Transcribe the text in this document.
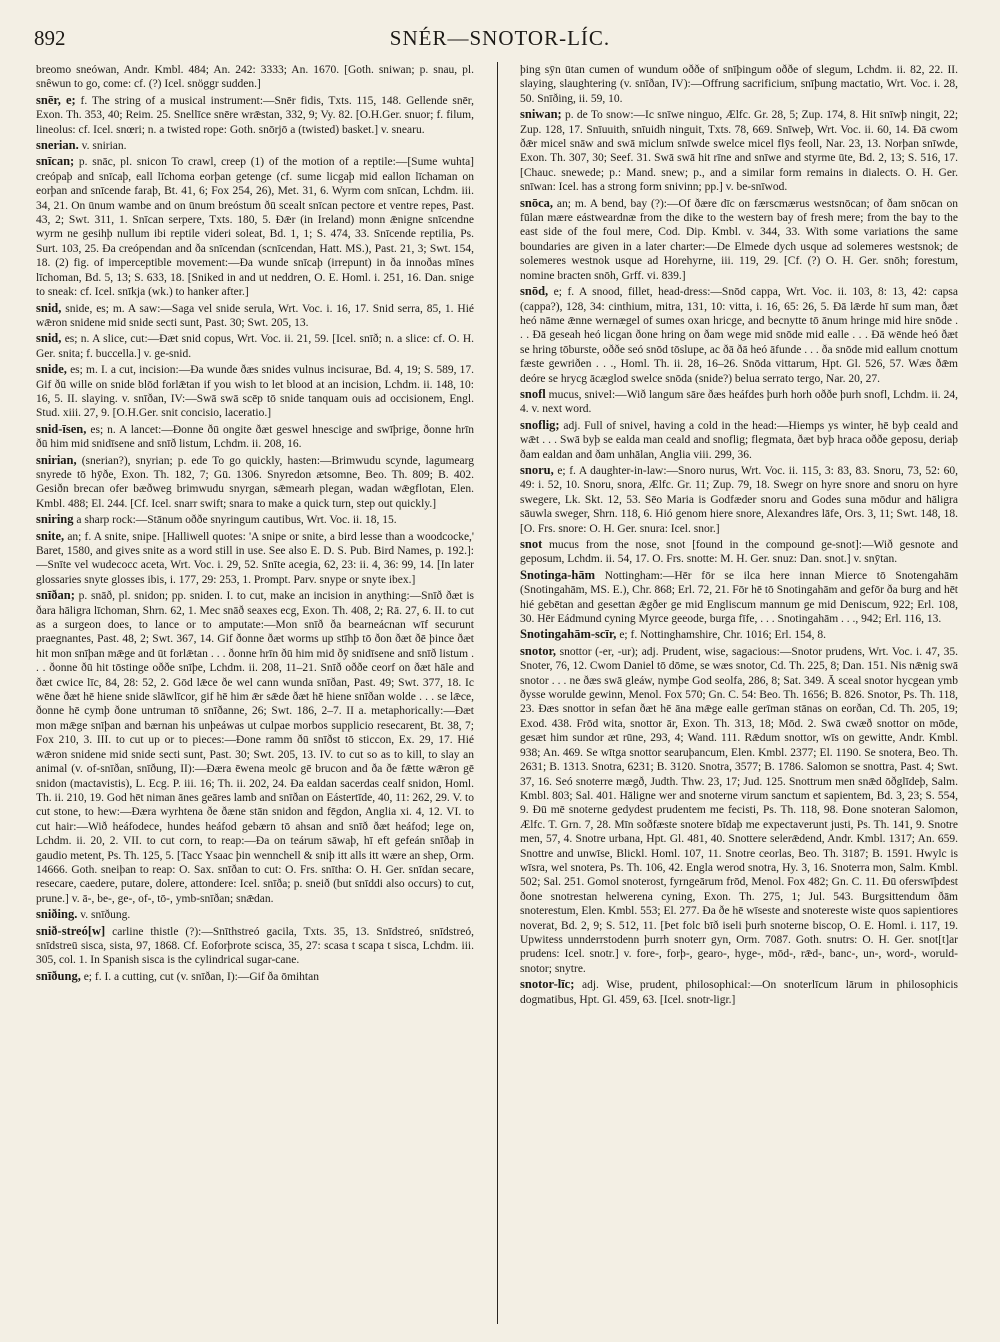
892	SNÉR—SNOTOR-LÍC.
breomo sneówan, Andr. Kmbl. 484; An. 242: 3333; An. 1670. [Goth. sniwan; p. snau, pl. snêwun to go, come: cf. (?) Icel. snöggr sudden.]
snēr, e; f. The string of a musical instrument:—Snēr fidis, Txts. 115, 148. Gellende snēr, Exon. Th. 353, 40; Reim. 25. Snellīce snēre wrǣstan, 332, 9; Vy. 82. [O.H.Ger. snuor; f. filum, lineolus: cf. Icel. snœri; n. a twisted rope: Goth. snōrjō a (twisted) basket.] v. snearu.
snerian. v. snirian.
snīcan; p. snāc, pl. snicon To crawl, creep (1) of the motion of a reptile:—[Sume wuhta] creópaþ and snīcaþ, eall līchoma eorþan getenge (cf. sume licgaþ mid eallon līchaman on eorþan and snīcende faraþ, Bt. 41, 6; Fox 254, 26), Met. 31, 6. Wyrm com snīcan, Lchdm. iii. 34, 21. On ūnum wambe and on ūnum breóstum ðū scealt snīcan pectore et ventre repes, Past. 43, 2; Swt. 311, 1. Snīcan serpere, Txts. 180, 5. Ðǣr (in Ireland) monn ǣnigne snīcendne wyrm ne gesihþ nullum ibi reptile videri soleat, Bd. 1, 1; S. 474, 33. Snīcende reptilia, Ps. Surt. 103, 25. Ða creópendan and ða snīcendan (scnīcendan, Hatt. MS.), Past. 21, 3; Swt. 154, 18. (2) fig. of imperceptible movement:—Ða wunde snīcaþ (irrepunt) in ða innoðas mīnes līchoman, Bd. 5, 13; S. 633, 18. [Sniked in and ut neddren, O. E. Homl. i. 251, 16. Dan. snige to sneak: cf. Icel. snīkja (wk.) to hanker after.]
snid, snide, es; m. A saw:—Saga vel snide serula, Wrt. Voc. i. 16, 17. Snid serra, 85, 1. Hié wǣron snidene mid snide secti sunt, Past. 30; Swt. 205, 13.
snid, es; n. A slice, cut:—Ðæt snid copus, Wrt. Voc. ii. 21, 59. [Icel. snīð; n. a slice: cf. O. H. Ger. snita; f. buccella.] v. ge-snid.
snide, es; m. I. a cut, incision:—Ða wunde ðæs snides vulnus incisurae, Bd. 4, 19; S. 589, 17. Gif ðū wille on snide blōd forlǣtan if you wish to let blood at an incision, Lchdm. ii. 148, 10: 16, 5. II. slaying. v. snīðan, IV:—Swā swā scēp tō snide tanquam ouis ad occisionem, Engl. Stud. xiii. 27, 9. [O.H.Ger. snit concisio, laceratio.]
snid-īsen, es; n. A lancet:—Ðonne ðū ongite ðæt geswel hnescige and swīþrige, ðonne hrīn ðū him mid snidīsene and snīð listum, Lchdm. ii. 208, 16.
snirian, (snerian?), snyrian; p. ede To go quickly, hasten:—Brimwudu scynde, lagumearg snyrede tō hȳðe, Exon. Th. 182, 7; Gū. 1306. Snyredon ætsomne, Beo. Th. 809; B. 402. Gesiðn brecan ofer bæðweg brimwudu snyrgan, sǣmearh plegan, wadan wǣgflotan, Elen. Kmbl. 488; El. 244. [Cf. Icel. snarr swift; snara to make a quick turn, step out quickly.]
sniring a sharp rock:—Stānum oððe snyringum cautibus, Wrt. Voc. ii. 18, 15.
snite, an; f. A snite, snipe. [Halliwell quotes: 'A snipe or snite, a bird lesse than a woodcocke,' Baret, 1580, and gives snite as a word still in use. See also E. D. S. Pub. Bird Names, p. 192.]:—Snīte vel wudecocc aceta, Wrt. Voc. i. 29, 52. Snīte acegia, 62, 23: ii. 4, 36: 99, 14. [In later glossaries snyte glosses ibis, i. 177, 29: 253, 1. Prompt. Parv. snype or snyte ibex.]
snīðan; p. snāð, pl. snidon; pp. sniden. I. to cut, make an incision in anything:—Snīð ðæt is ðara hāligra līchoman, Shrn. 62, 1. Mec snāð seaxes ecg, Exon. Th. 408, 2; Rā. 27, 6. II. to cut as a surgeon does, to lance or to amputate:—Mon snīð ða bearneácnan wīf securunt praegnantes, Past. 48, 2; Swt. 367, 14. Gif ðonne ðæt worms up stīhþ tō ðon ðæt ðē þince ðæt hit mon snīþan mǣge and ūt forlǣtan . . . ðonne hrīn ðū him mid ðȳ snidīsene and snīð listum . . . ðonne ðū hit tōstinge oððe snīþe, Lchdm. ii. 208, 11–21. Snīð oððe ceorf on ðæt hāle and ðæt cwice līc, 84, 28: 52, 2. Gōd lǣce ðe wel cann wunda snīðan, Past. 49; Swt. 377, 18. Ic wēne ðæt hē hiene snide slāwlīcor, gif hē him ǣr sǣde ðæt hē hiene snīðan wolde . . . se lǣce, ðonne hē cymþ ðone untruman tō snīðanne, 26; Swt. 186, 2–7. II a. metaphorically:—Ðæt mon mǣge snīþan and bærnan his unþeáwas ut culpae morbos supplicio resecarent, Bt. 38, 7; Fox 210, 3. III. to cut up or to pieces:—Ðone ramm ðū snīðst tō sticcon, Ex. 29, 17. Hié wǣron snidene mid snide secti sunt, Past. 30; Swt. 205, 13. IV. to cut so as to kill, to slay an animal (v. of-snīðan, snīðung, II):—Ðæra ēwena meolc gē brucon and ða ðe fǣtte wǣron gē snidon (mactavistis), L. Ecg. P. iii. 16; Th. ii. 202, 24. Ða ealdan sacerdas cealf snidon, Homl. Th. ii. 210, 19. God hēt niman ānes geāres lamb and snīðan on Eástertīde, 40, 11: 262, 29. V. to cut stone, to hew:—Ðæra wyrhtena ðe ðæne stān snidon and fēgdon, Anglia xi. 4, 12. VI. to cut hair:—Wið heáfodece, hundes heáfod gebærn tō ahsan and snīð ðæt heáfod; lege on, Lchdm. ii. 20, 2. VII. to cut corn, to reap:—Ða on teárum sāwaþ, hī eft gefeán snīðaþ in gaudio metent, Ps. Th. 125, 5. [Tacc Ysaac þin wennchell & sniþ itt alls itt wære an shep, Orm. 14666. Goth. sneiþan to reap: O. Sax. snīðan to cut: O. Frs. snītha: O. H. Ger. snīdan secare, resecare, caedere, putare, dolere, attondere: Icel. snīða; p. sneið (but snīddi also occurs) to cut, prune.] v. ā-, be-, ge-, of-, tō-, ymb-snīðan; snǣdan.
sniðing. v. snīðung.
snið-streó[w] carline thistle (?):—Snīthstreó gacila, Txts. 35, 13. Snīdstreó, snīdstreó, snīdstreū sisca, sista, 97, 1868. Cf. Eoforþrote scisca, 35, 27: scasa t scapa t sisca, Lchdm. iii. 305, col. 1. In Spanish sisca is the cylindrical sugar-cane.
snīðung, e; f. I. a cutting, cut (v. snīðan, I):—Gif ða ōmihtan
þing sȳn ūtan cumen of wundum oððe of snīþingum oððe of slegum, Lchdm. ii. 82, 22. II. slaying, slaughtering (v. snīðan, IV):—Offrung sacrificium, snīþung mactatio, Wrt. Voc. i. 28, 50. Snīðing, ii. 59, 10.
sniwan; p. de To snow:—Ic snīwe ninguo, Ælfc. Gr. 28, 5; Zup. 174, 8. Hit snīwþ ningit, 22; Zup. 128, 17. Snīuuith, snīuidh ninguit, Txts. 78, 669. Snīweþ, Wrt. Voc. ii. 60, 14. Ðā cwom ðǣr micel snāw and swā miclum snīwde swelce micel flȳs feoll, Nar. 23, 13. Norþan snīwde, Exon. Th. 307, 30; Seef. 31. Swā swā hit rīne and snīwe and styrme ūte, Bd. 2, 13; S. 516, 17. [Chauc. snewede; p.: Mand. snew; p., and a similar form remains in dialects. O. H. Ger. snīwan: Icel. has a strong form snivinn; pp.] v. be-snīwod.
snōca, an; m. A bend, bay (?):—Of ðære dīc on færscmærus westsnōcan; of ðam snōcan on fūlan mære eástweardnæ from the dike to the western bay of fresh mere; from the bay to the east side of the foul mere, Cod. Dip. Kmbl. v. 344, 33. With some variations the same boundaries are given in a later charter:—De Elmede dych usque ad solemeres westsnok; de solemeres westnok usque ad Horehyrne, iii. 119, 29. [Cf. (?) O. H. Ger. snōh; forestum, nomine bracten snōh, Grff. vi. 839.]
snōd, e; f. A snood, fillet, head-dress:—Snōd cappa, Wrt. Voc. ii. 103, 8: 13, 42: capsa (cappa?), 128, 34: cinthium, mitra, 131, 10: vitta, i. 16, 65: 26, 5. Ðā lǣrde hī sum man, ðæt heó nāme ǣnne wernægel of sumes oxan hricge, and becnytte tō ānum hringe mid hire snōde . . . Ðā geseah heó licgan ðone hring on ðam wege mid snōde mid ealle . . . Ðā wēnde heó ðæt se hring tōburste, oððe seó snōd tōslupe, ac ðā ðā heó āfunde . . . ða snōde mid eallum cnottum fæste gewriðen . . ., Homl. Th. ii. 28, 16–26. Snōda vittarum, Hpt. Gl. 526, 57. Wæs ðǣm deóre se hrycg ācæglod swelce snōda (snide?) belua serrato tergo, Nar. 20, 27.
snofl mucus, snivel:—Wið langum sāre ðæs heáfdes þurh horh oððe þurh snofl, Lchdm. ii. 24, 4. v. next word.
snoflig; adj. Full of snivel, having a cold in the head:—Hiemps ys winter, hē byþ ceald and wǣt . . . Swā byþ se ealda man ceald and snoflig; flegmata, ðæt byþ hraca oððe geposu, deriaþ ðam ealdan and ðam unhālan, Anglia viii. 299, 36.
snoru, e; f. A daughter-in-law:—Snoro nurus, Wrt. Voc. ii. 115, 3: 83, 83. Snoru, 73, 52: 60, 49: i. 52, 10. Snoru, snora, Ælfc. Gr. 11; Zup. 79, 18. Swegr on hyre snore and snoru on hyre swegere, Lk. Skt. 12, 53. Sēo Maria is Godfæder snoru and Godes suna mōdur and hāligra sāuwla sweger, Shrn. 118, 6. Hió genom hiere snore, Alexandres lāfe, Ors. 3, 11; Swt. 148, 18. [O. Frs. snore: O. H. Ger. snura: Icel. snor.]
snot mucus from the nose, snot [found in the compound ge-snot]:—Wið gesnote and geposum, Lchdm. ii. 54, 17. O. Frs. snotte: M. H. Ger. snuz: Dan. snot.] v. snȳtan.
Snotinga-hām Nottingham:—Hēr fōr se ilca here innan Mierce tō Snotengahām (Snotingahām, MS. E.), Chr. 868; Erl. 72, 21. Fōr hē tō Snotingahām and gefōr ða burg and hēt hié gebētan and gesettan ǣgðer ge mid Engliscum mannum ge mid Deniscum, 922; Erl. 108, 30. Hēr Eádmund cyning Myrce geeode, burga fīfe, . . . Snotingahām . . ., 942; Erl. 116, 13.
Snotingahām-scīr, e; f. Nottinghamshire, Chr. 1016; Erl. 154, 8.
snotor, snottor (-er, -ur); adj. Prudent, wise, sagacious:—Snotor prudens, Wrt. Voc. i. 47, 35. Snoter, 76, 12. Cwom Daniel tō dōme, se wæs snotor, Cd. Th. 225, 8; Dan. 151. Nis nǣnig swā snotor . . . ne ðæs swā gleáw, nymþe God seolfa, 286, 8; Sat. 349. Ā sceal snotor hycgean ymb ðysse woruldе gewinn, Menol. Fox 570; Gn. C. 54: Beo. Th. 1656; B. 826. Snotor, Ps. Th. 118, 23. Ðæs snottor in sefan ðæt hē āna mǣge ealle gerīman stānas on eorðan, Cd. Th. 205, 19; Exod. 438. Frōd wita, snottor ār, Exon. Th. 313, 18; Mōd. 2. Swā cwæð snottor on mōde, gesæt him sundor æt rūne, 293, 4; Wand. 111. Rǣdum snottor, wīs on gewitte, Andr. Kmbl. 938; An. 469. Se wītga snottor searuþancum, Elen. Kmbl. 2377; El. 1190. Se snotera, Beo. Th. 2631; B. 1313. Snotra, 6231; B. 3120. Snotra, 3577; B. 1786. Salomon se snottra, Past. 4; Swt. 37, 16. Seó snoterre mægð, Judth. Thw. 23, 17; Jud. 125. Snottrum men snǣd ōðglīdeþ, Salm. Kmbl. 803; Sal. 401. Hāligne wer and snoterne virum sanctum et sapientem, Bd. 3, 23; S. 554, 9. Ðū mē snoterne gedydest prudentem me fecisti, Ps. Th. 118, 98. Ðone snoteran Salomon, Ælfc. T. Grn. 7, 28. Mīn soðfæste snotere bīdaþ me expectaverunt justi, Ps. Th. 141, 9. Snotre men, 57, 4. Snotre urbana, Hpt. Gl. 481, 40. Snottere selerǣdend, Andr. Kmbl. 1317; An. 659. Snottre and unwīse, Blickl. Homl. 107, 11. Snotre ceorlas, Beo. Th. 3187; B. 1591. Hwylc is wīsra, wel snotera, Ps. Th. 106, 42. Engla werod snotra, Hy. 3, 16. Snoterra mon, Salm. Kmbl. 502; Sal. 251. Gomol snoterost, fyrngeārum frōd, Menol. Fox 482; Gn. C. 11. Ðū oferswīþdest ðone snotrestan helwerena cyning, Exon. Th. 275, 1; Jul. 543. Burgsittendum ðām snoterestum, Elen. Kmbl. 553; El. 277. Ða ðe hē wīseste and snotereste wiste quos sapientiores noverat, Bd. 2, 9; S. 512, 11. [Þet folc bīð iseli þurh snoterne biscop, O. E. Homl. i. 117, 19. Upwitess unnderrstodenn þurrh snoterr gyn, Orm. 7087. Goth. snutrs: O. H. Ger. snot[t]ar prudens: Icel. snotr.] v. fore-, forþ-, gearo-, hyge-, mōd-, rǣd-, banc-, un-, word-, woruld-snotor; snytre.
snotor-līc; adj. Wise, prudent, philosophical:—On snoterlīcum lārum in philosophicis dogmatibus, Hpt. Gl. 459, 63. [Icel. snotr-ligr.]
